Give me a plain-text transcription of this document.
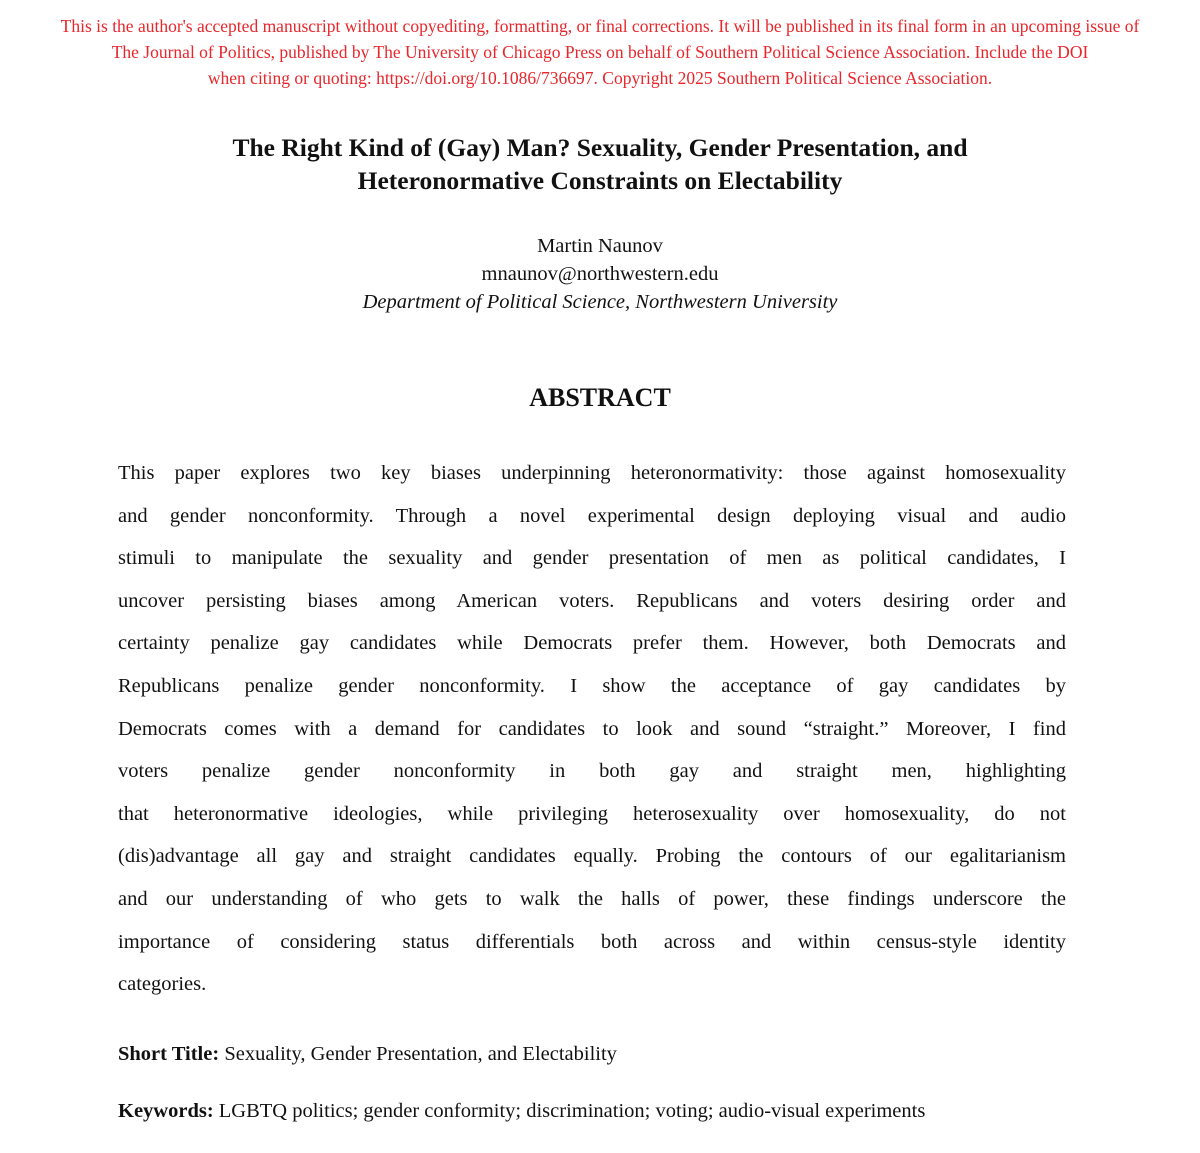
This is the author's accepted manuscript without copyediting, formatting, or final corrections. It will be published in its final form in an upcoming issue of
The Journal of Politics, published by The University of Chicago Press on behalf of Southern Political Science Association. Include the DOI
when citing or quoting: https://doi.org/10.1086/736697. Copyright 2025 Southern Political Science Association.
The Right Kind of (Gay) Man? Sexuality, Gender Presentation, and
Heteronormative Constraints on Electability
Martin Naunov
mnaunov@northwestern.edu
Department of Political Science, Northwestern University
ABSTRACT
This paper explores two key biases underpinning heteronormativity: those against homosexuality
and gender nonconformity. Through a novel experimental design deploying visual and audio
stimuli to manipulate the sexuality and gender presentation of men as political candidates, I
uncover persisting biases among American voters. Republicans and voters desiring order and
certainty penalize gay candidates while Democrats prefer them. However, both Democrats and
Republicans penalize gender nonconformity. I show the acceptance of gay candidates by
Democrats comes with a demand for candidates to look and sound “straight.” Moreover, I find
voters penalize gender nonconformity in both gay and straight men, highlighting
that heteronormative ideologies, while privileging heterosexuality over homosexuality, do not
(dis)advantage all gay and straight candidates equally. Probing the contours of our egalitarianism
and our understanding of who gets to walk the halls of power, these findings underscore the
importance of considering status differentials both across and within census-style identity
categories.
Short Title: Sexuality, Gender Presentation, and Electability
Keywords: LGBTQ politics; gender conformity; discrimination; voting; audio-visual experiments
